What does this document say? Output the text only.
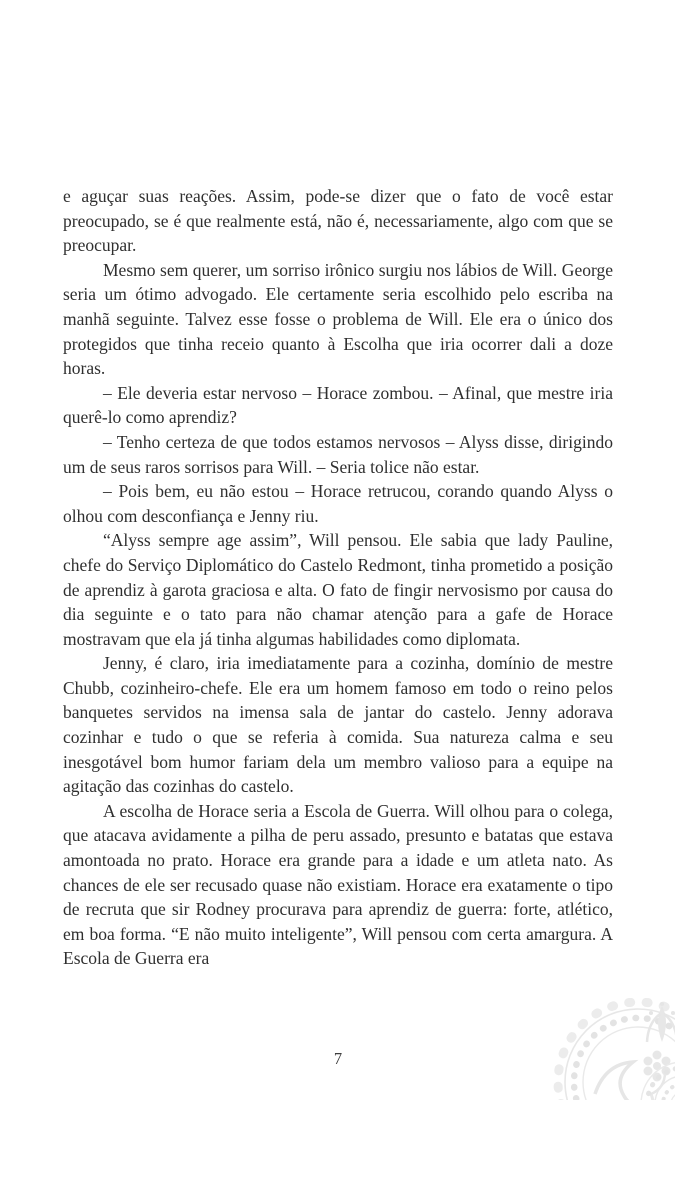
e aguçar suas reações. Assim, pode-se dizer que o fato de você estar preocupado, se é que realmente está, não é, necessariamente, algo com que se preocupar.

Mesmo sem querer, um sorriso irônico surgiu nos lábios de Will. George seria um ótimo advogado. Ele certamente seria escolhido pelo escriba na manhã seguinte. Talvez esse fosse o problema de Will. Ele era o único dos protegidos que tinha receio quanto à Escolha que iria ocorrer dali a doze horas.

– Ele deveria estar nervoso – Horace zombou. – Afinal, que mestre iria querê-lo como aprendiz?

– Tenho certeza de que todos estamos nervosos – Alyss disse, dirigindo um de seus raros sorrisos para Will. – Seria tolice não estar.

– Pois bem, eu não estou – Horace retrucou, corando quando Alyss o olhou com desconfiança e Jenny riu.

“Alyss sempre age assim”, Will pensou. Ele sabia que lady Pauline, chefe do Serviço Diplomático do Castelo Redmont, tinha prometido a posição de aprendiz à garota graciosa e alta. O fato de fingir nervosismo por causa do dia seguinte e o tato para não chamar atenção para a gafe de Horace mostravam que ela já tinha algumas habilidades como diplomata.

Jenny, é claro, iria imediatamente para a cozinha, domínio de mestre Chubb, cozinheiro-chefe. Ele era um homem famoso em todo o reino pelos banquetes servidos na imensa sala de jantar do castelo. Jenny adorava cozinhar e tudo o que se referia à comida. Sua natureza calma e seu inesgotável bom humor fariam dela um membro valioso para a equipe na agitação das cozinhas do castelo.

A escolha de Horace seria a Escola de Guerra. Will olhou para o colega, que atacava avidamente a pilha de peru assado, presunto e batatas que estava amontoada no prato. Horace era grande para a idade e um atleta nato. As chances de ele ser recusado quase não existiam. Horace era exatamente o tipo de recruta que sir Rodney procurava para aprendiz de guerra: forte, atlético, em boa forma. “E não muito inteligente”, Will pensou com certa amargura. A Escola de Guerra era

7
